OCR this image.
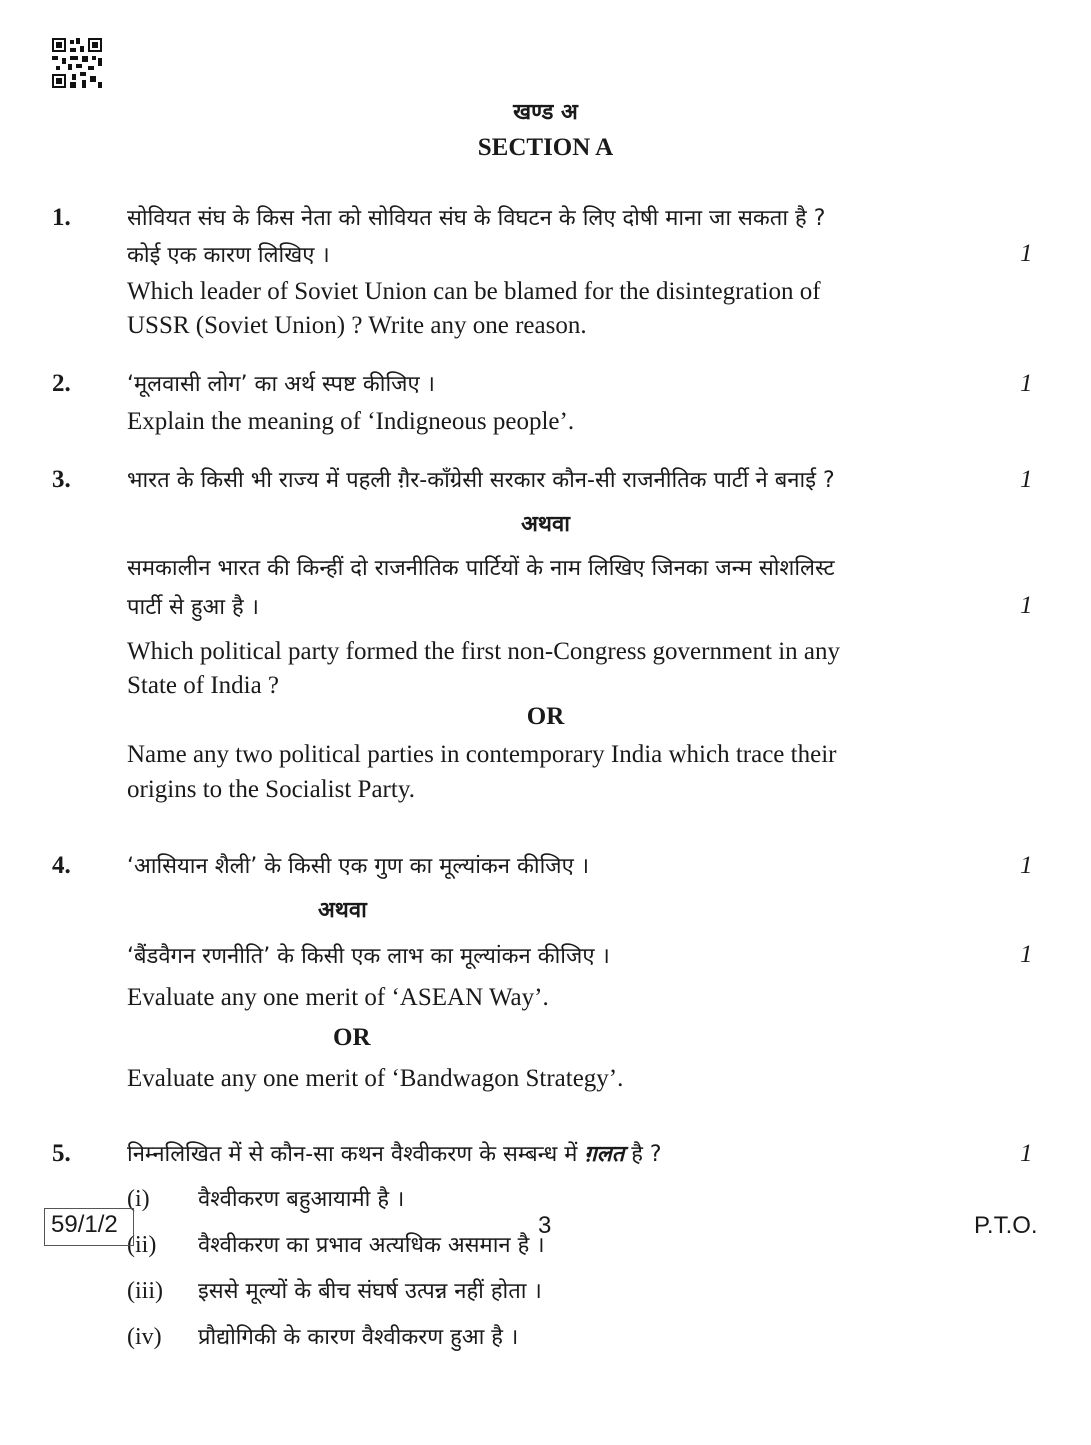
खण्ड अ
SECTION A
1.	सोवियत संघ के किस नेता को सोवियत संघ के विघटन के लिए दोषी माना जा सकता है ?
कोई एक कारण लिखिए ।	1
Which leader of Soviet Union can be blamed for the disintegration of
USSR (Soviet Union) ? Write any one reason.
2.	‘मूलवासी लोग’ का अर्थ स्पष्ट कीजिए ।	1
Explain the meaning of ‘Indigneous people’.
3.	भारत के किसी भी राज्य में पहली ग़ैर-काँग्रेसी सरकार कौन-सी राजनीतिक पार्टी ने बनाई ?	1
अथवा
समकालीन भारत की किन्हीं दो राजनीतिक पार्टियों के नाम लिखिए जिनका जन्म सोशलिस्ट
पार्टी से हुआ है ।	1
Which political party formed the first non-Congress government in any
State of India ?
OR
Name any two political parties in contemporary India which trace their
origins to the Socialist Party.
4.	‘आसियान शैली’ के किसी एक गुण का मूल्यांकन कीजिए ।	1
अथवा
‘बैंडवैगन रणनीति’ के किसी एक लाभ का मूल्यांकन कीजिए ।	1
Evaluate any one merit of ‘ASEAN Way’.
OR
Evaluate any one merit of ‘Bandwagon Strategy’.
5.	निम्नलिखित में से कौन-सा कथन वैश्वीकरण के सम्बन्ध में ग़लत है ?	1
(i) वैश्वीकरण बहुआयामी है ।
(ii) वैश्वीकरण का प्रभाव अत्यधिक असमान है ।
(iii) इससे मूल्यों के बीच संघर्ष उत्पन्न नहीं होता ।
(iv) प्रौद्योगिकी के कारण वैश्वीकरण हुआ है ।
59/1/2	3	P.T.O.
